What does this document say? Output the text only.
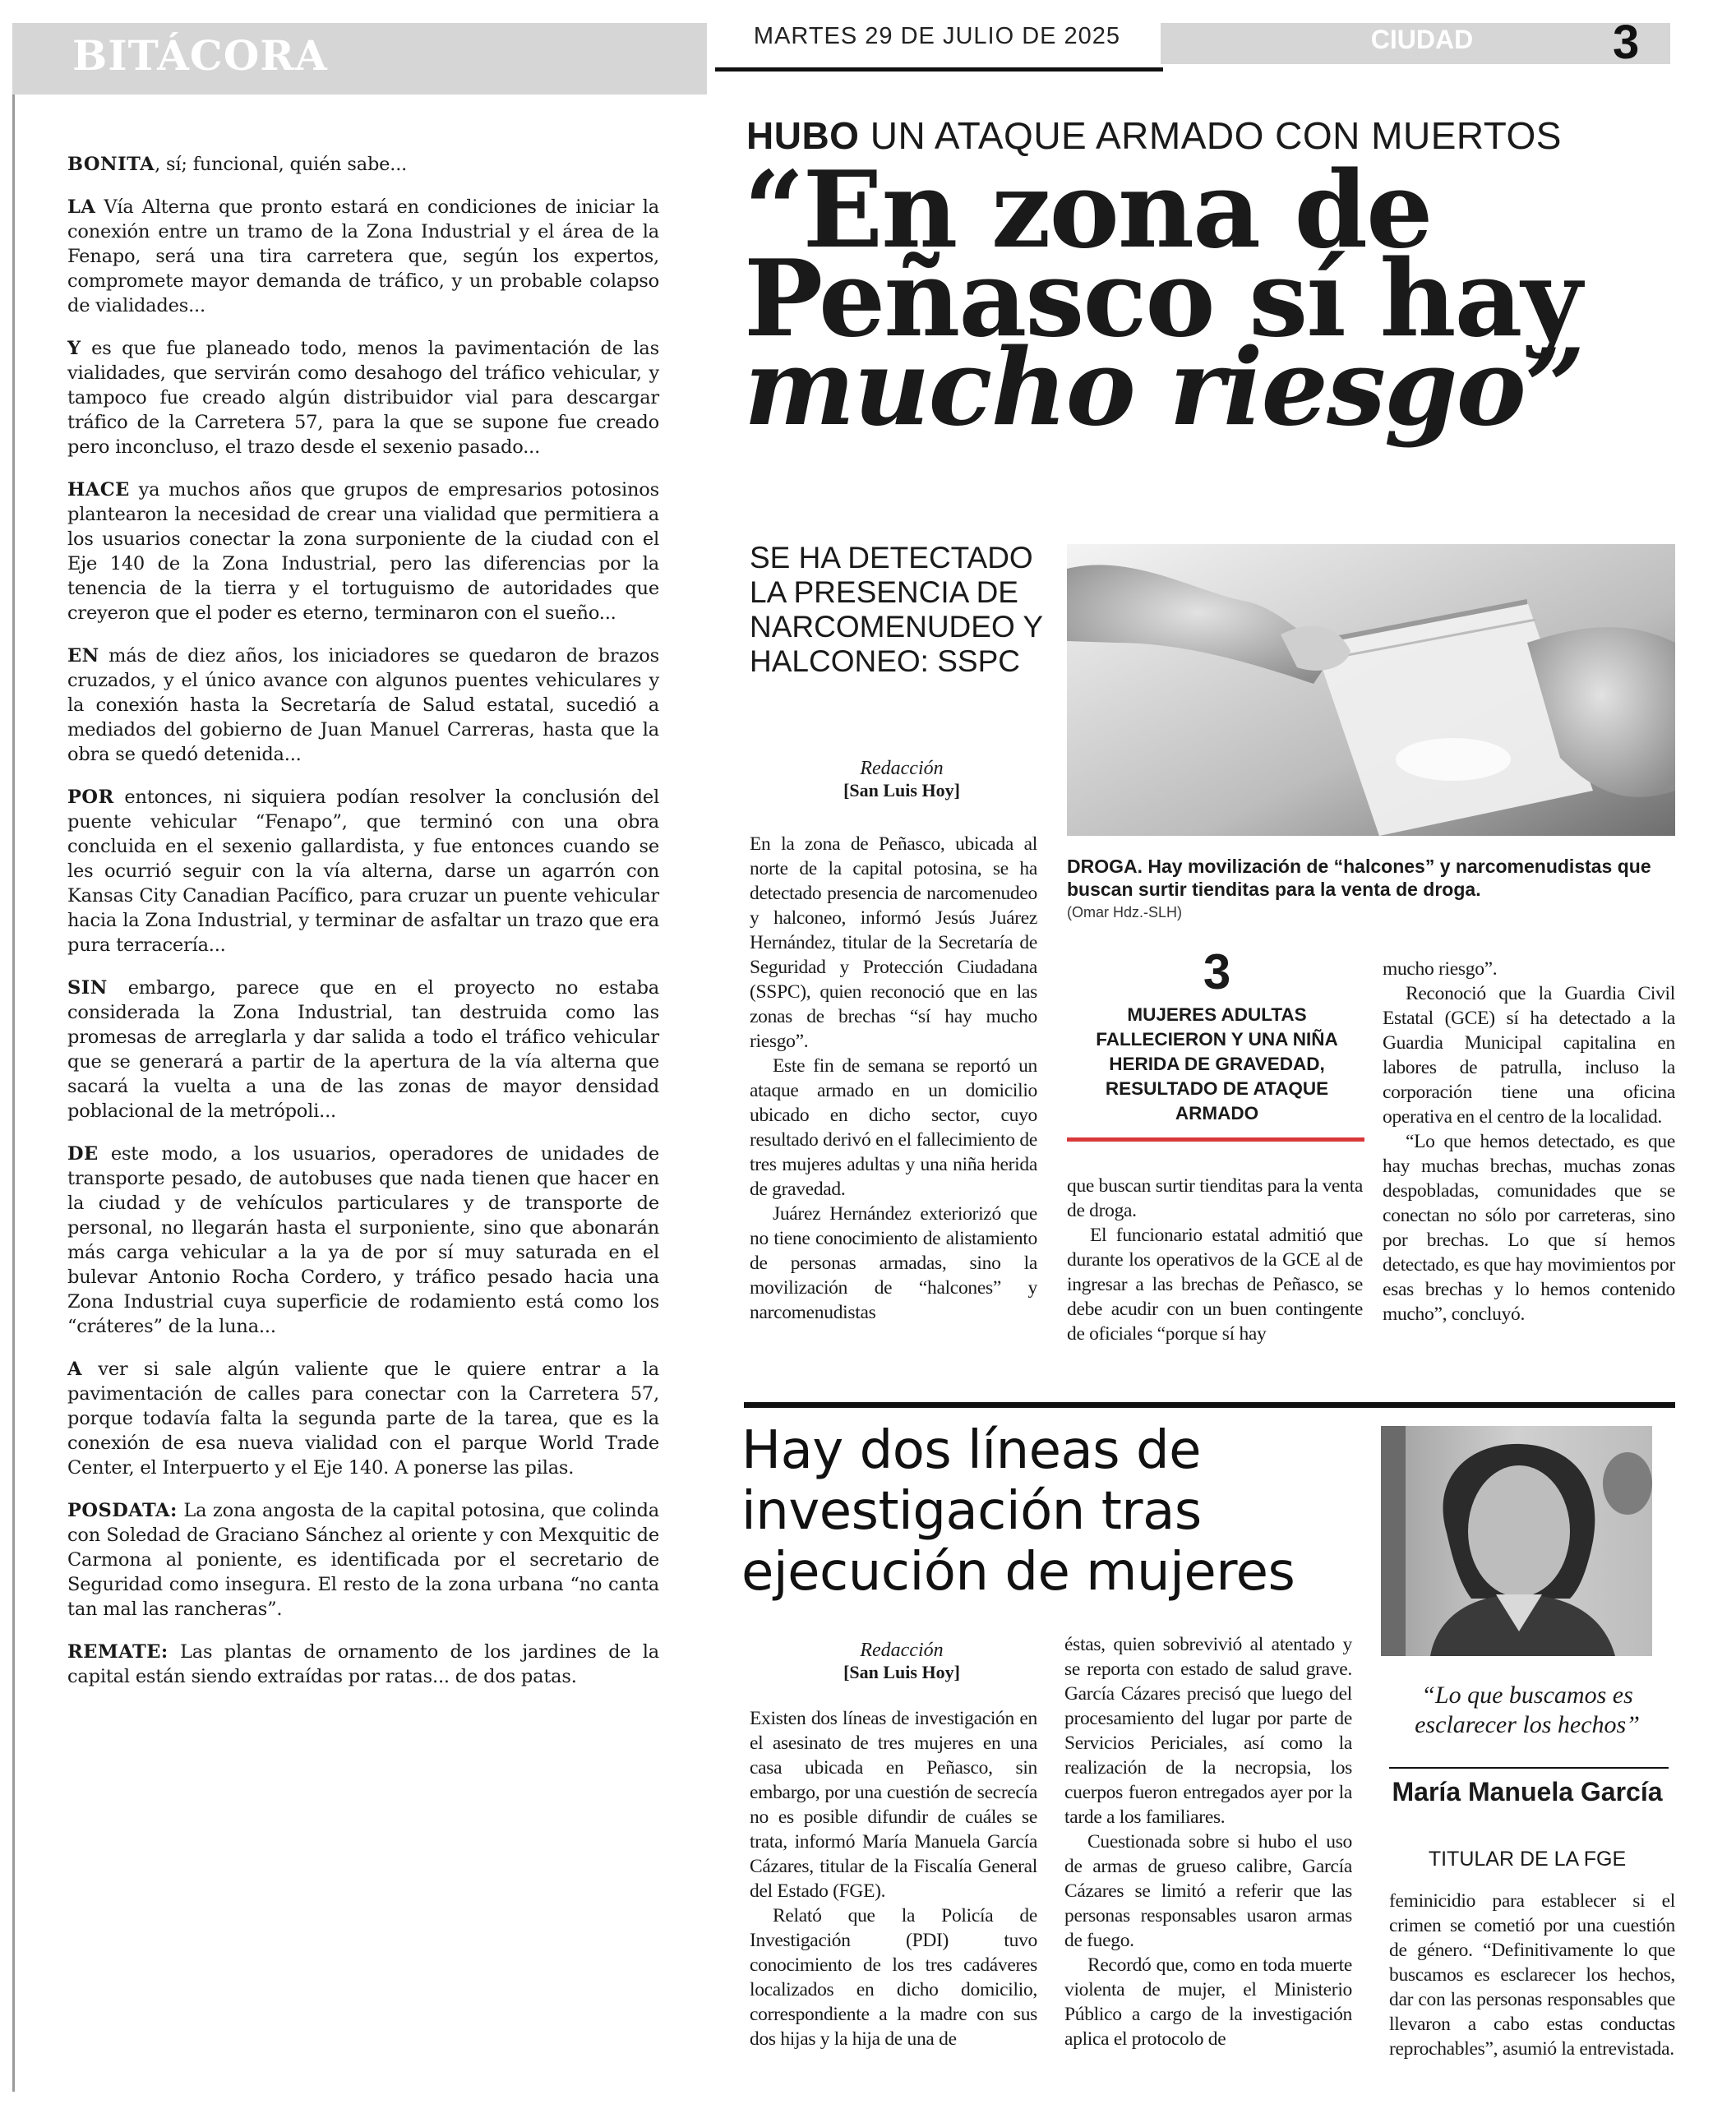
BITÁCORA

BONITA, sí; funcional, quién sabe...

LA Vía Alterna que pronto estará en condiciones de iniciar la conexión entre un tramo de la Zona Industrial y el área de la Fenapo, será una tira carretera que, según los expertos, compromete mayor demanda de tráfico, y un probable colapso de vialidades...

Y es que fue planeado todo, menos la pavimentación de las vialidades, que servirán como desahogo del tráfico vehicular, y tampoco fue creado algún distribuidor vial para descargar tráfico de la Carretera 57, para la que se supone fue creado pero inconcluso, el trazo desde el sexenio pasado...

HACE ya muchos años que grupos de empresarios potosinos plantearon la necesidad de crear una vialidad que permitiera a los usuarios conectar la zona surponiente de la ciudad con el Eje 140 de la Zona Industrial, pero las diferencias por la tenencia de la tierra y el tortuguismo de autoridades que creyeron que el poder es eterno, terminaron con el sueño...

EN más de diez años, los iniciadores se quedaron de brazos cruzados, y el único avance con algunos puentes vehiculares y la conexión hasta la Secretaría de Salud estatal, sucedió a mediados del gobierno de Juan Manuel Carreras, hasta que la obra se quedó detenida...

POR entonces, ni siquiera podían resolver la conclusión del puente vehicular “Fenapo”, que terminó con una obra concluida en el sexenio gallardista, y fue entonces cuando se les ocurrió seguir con la vía alterna, darse un agarrón con Kansas City Canadian Pacífico, para cruzar un puente vehicular hacia la Zona Industrial, y terminar de asfaltar un trazo que era pura terracería...

SIN embargo, parece que en el proyecto no estaba considerada la Zona Industrial, tan destruida como las promesas de arreglarla y dar salida a todo el tráfico vehicular que se generará a partir de la apertura de la vía alterna que sacará la vuelta a una de las zonas de mayor densidad poblacional de la metrópoli...

DE este modo, a los usuarios, operadores de unidades de transporte pesado, de autobuses que nada tienen que hacer en la ciudad y de vehículos particulares y de transporte de personal, no llegarán hasta el surponiente, sino que abonarán más carga vehicular a la ya de por sí muy saturada en el bulevar Antonio Rocha Cordero, y tráfico pesado hacia una Zona Industrial cuya superficie de rodamiento está como los “cráteres” de la luna...

A ver si sale algún valiente que le quiere entrar a la pavimentación de calles para conectar con la Carretera 57, porque todavía falta la segunda parte de la tarea, que es la conexión de esa nueva vialidad con el parque World Trade Center, el Interpuerto y el Eje 140. A ponerse las pilas.

POSDATA: La zona angosta de la capital potosina, que colinda con Soledad de Graciano Sánchez al oriente y con Mexquitic de Carmona al poniente, es identificada por el secretario de Seguridad como insegura. El resto de la zona urbana “no canta tan mal las rancheras”.

REMATE: Las plantas de ornamento de los jardines de la capital están siendo extraídas por ratas... de dos patas.

MARTES 29 DE JULIO DE 2025	CIUDAD	3
HUBO UN ATAQUE ARMADO CON MUERTOS
“En zona de
Peñasco sí hay
mucho riesgo”
SE HA DETECTADO LA PRESENCIA DE NARCOMENUDEO Y HALCONEO: SSPC
Redacción
[San Luis Hoy]

En la zona de Peñasco, ubicada al norte de la capital potosina, se ha detectado presencia de narcomenudeo y halconeo, informó Jesús Juárez Hernández, titular de la Secretaría de Seguridad y Protección Ciudadana (SSPC), quien reconoció que en las zonas de brechas “sí hay mucho riesgo”.

Este fin de semana se reportó un ataque armado en un domicilio ubicado en dicho sector, cuyo resultado derivó en el fallecimiento de tres mujeres adultas y una niña herida de gravedad.

Juárez Hernández exteriorizó que no tiene conocimiento de alistamiento de personas armadas, sino la movilización de “halcones” y narcomenudistas

DROGA. Hay movilización de “halcones” y narcomenudistas que buscan surtir tienditas para la venta de droga.
(Omar Hdz.-SLH)
3
MUJERES ADULTAS FALLECIERON Y UNA NIÑA HERIDA DE GRAVEDAD, RESULTADO DE ATAQUE ARMADO

que buscan surtir tienditas para la venta de droga.

El funcionario estatal admitió que durante los operativos de la GCE al de ingresar a las brechas de Peñasco, se debe acudir con un buen contingente de oficiales “porque sí hay

mucho riesgo”.

Reconoció que la Guardia Civil Estatal (GCE) sí ha detectado a la Guardia Municipal capitalina en labores de patrulla, incluso la corporación tiene una oficina operativa en el centro de la localidad.

“Lo que hemos detectado, es que hay muchas brechas, muchas zonas despobladas, comunidades que se conectan no sólo por carreteras, sino por brechas. Lo que sí hemos detectado, es que hay movimientos por esas brechas y lo hemos contenido mucho”, concluyó.

Hay dos líneas de investigación tras ejecución de mujeres
Redacción
[San Luis Hoy]

Existen dos líneas de investigación en el asesinato de tres mujeres en una casa ubicada en Peñasco, sin embargo, por una cuestión de secrecía no es posible difundir de cuáles se trata, informó María Manuela García Cázares, titular de la Fiscalía General del Estado (FGE).

Relató que la Policía de Investigación (PDI) tuvo conocimiento de los tres cadáveres localizados en dicho domicilio, correspondiente a la madre con sus dos hijas y la hija de una de

éstas, quien sobrevivió al atentado y se reporta con estado de salud grave. García Cázares precisó que luego del procesamiento del lugar por parte de Servicios Periciales, así como la realización de la necropsia, los cuerpos fueron entregados ayer por la tarde a los familiares.

Cuestionada sobre si hubo el uso de armas de grueso calibre, García Cázares se limitó a referir que las personas responsables usaron armas de fuego.

Recordó que, como en toda muerte violenta de mujer, el Ministerio Público a cargo de la investigación aplica el protocolo de

“Lo que buscamos es esclarecer los hechos”
María Manuela García
TITULAR DE LA FGE

feminicidio para establecer si el crimen se cometió por una cuestión de género. “Definitivamente lo que buscamos es esclarecer los hechos, dar con las personas responsables que llevaron a cabo estas conductas reprochables”, asumió la entrevistada.
